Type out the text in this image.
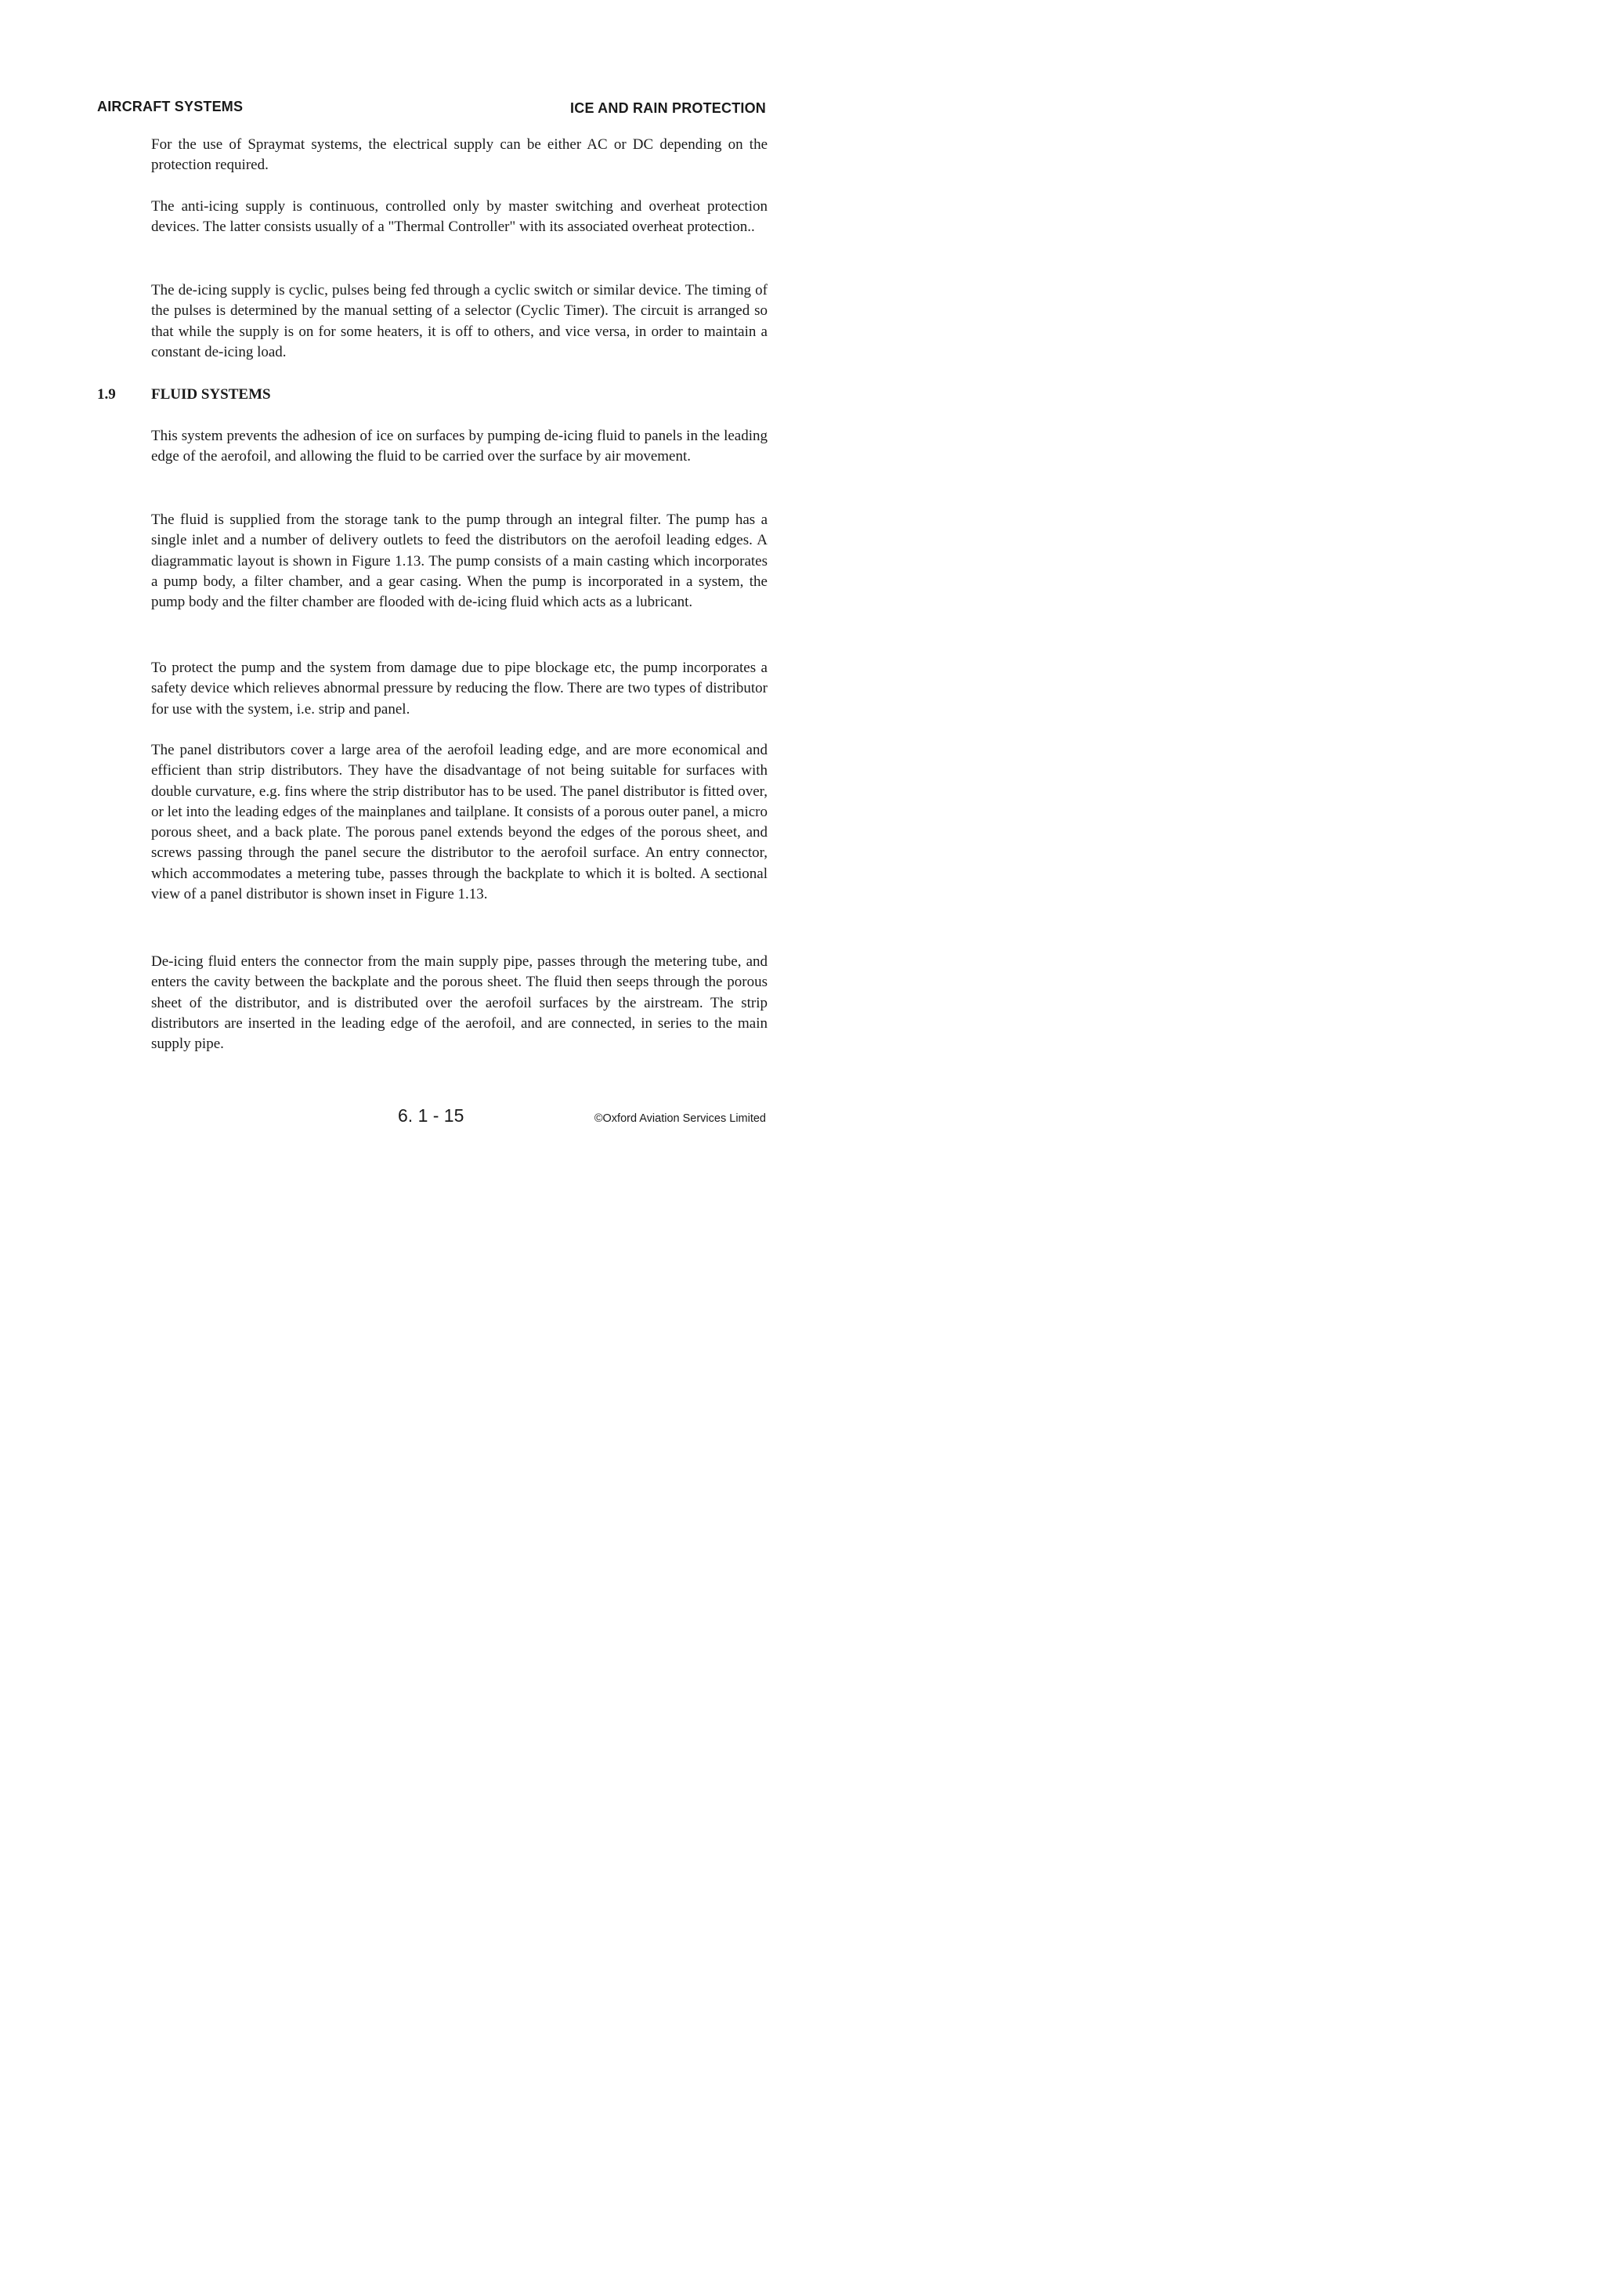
AIRCRAFT SYSTEMS	ICE AND RAIN PROTECTION

For the use of Spraymat systems, the electrical supply can be either AC or DC depending on the protection required.

The anti-icing supply is continuous, controlled only by master switching and overheat protection devices. The latter consists usually of a "Thermal Controller" with its associated overheat protection..

The de-icing supply is cyclic, pulses being fed through a cyclic switch or similar device. The timing of the pulses is determined by the manual setting of a selector (Cyclic Timer). The circuit is arranged so that while the supply is on for some heaters, it is off to others, and vice versa, in order to maintain a constant de-icing load.

1.9 FLUID SYSTEMS

This system prevents the adhesion of ice on surfaces by pumping de-icing fluid to panels in the leading edge of the aerofoil, and allowing the fluid to be carried over the surface by air movement.

The fluid is supplied from the storage tank to the pump through an integral filter. The pump has a single inlet and a number of delivery outlets to feed the distributors on the aerofoil leading edges. A diagrammatic layout is shown in Figure 1.13. The pump consists of a main casting which incorporates a pump body, a filter chamber, and a gear casing. When the pump is incorporated in a system, the pump body and the filter chamber are flooded with de-icing fluid which acts as a lubricant.

To protect the pump and the system from damage due to pipe blockage etc, the pump incorporates a safety device which relieves abnormal pressure by reducing the flow. There are two types of distributor for use with the system, i.e. strip and panel.

The panel distributors cover a large area of the aerofoil leading edge, and are more economical and efficient than strip distributors. They have the disadvantage of not being suitable for surfaces with double curvature, e.g. fins where the strip distributor has to be used. The panel distributor is fitted over, or let into the leading edges of the mainplanes and tailplane. It consists of a porous outer panel, a micro porous sheet, and a back plate. The porous panel extends beyond the edges of the porous sheet, and screws passing through the panel secure the distributor to the aerofoil surface. An entry connector, which accommodates a metering tube, passes through the backplate to which it is bolted. A sectional view of a panel distributor is shown inset in Figure 1.13.

De-icing fluid enters the connector from the main supply pipe, passes through the metering tube, and enters the cavity between the backplate and the porous sheet. The fluid then seeps through the porous sheet of the distributor, and is distributed over the aerofoil surfaces by the airstream. The strip distributors are inserted in the leading edge of the aerofoil, and are connected, in series to the main supply pipe.

6. 1 - 15	©Oxford Aviation Services Limited
